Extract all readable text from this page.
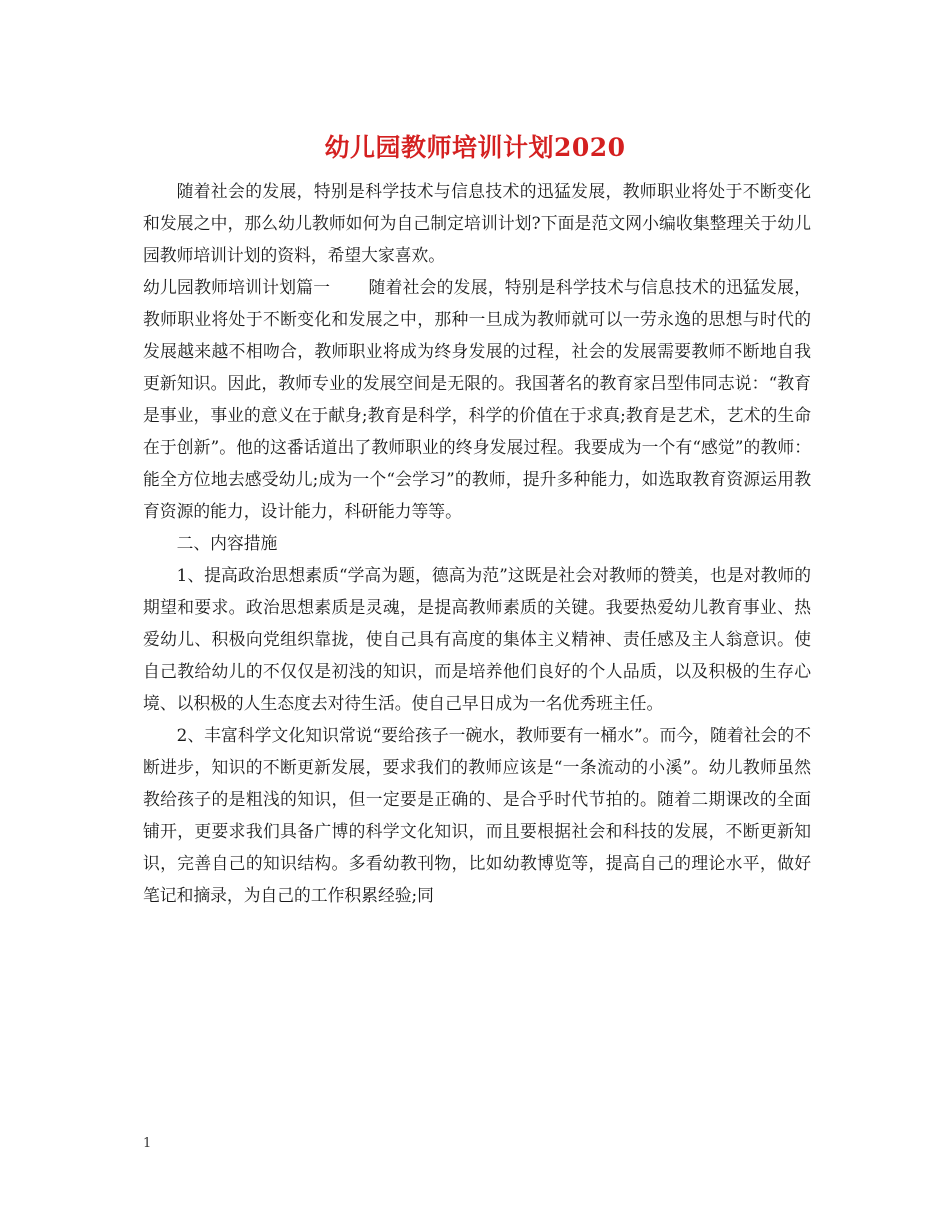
幼儿园教师培训计划2020

随着社会的发展，特别是科学技术与信息技术的迅猛发展，教师职业将处于不断变化和发展之中，那么幼儿教师如何为自己制定培训计划?下面是范文网小编收集整理关于幼儿园教师培训计划的资料，希望大家喜欢。

幼儿园教师培训计划篇一 随着社会的发展，特别是科学技术与信息技术的迅猛发展，教师职业将处于不断变化和发展之中，那种一旦成为教师就可以一劳永逸的思想与时代的发展越来越不相吻合，教师职业将成为终身发展的过程，社会的发展需要教师不断地自我更新知识。因此，教师专业的发展空间是无限的。我国著名的教育家吕型伟同志说：“教育是事业，事业的意义在于献身;教育是科学，科学的价值在于求真;教育是艺术，艺术的生命在于创新”。他的这番话道出了教师职业的终身发展过程。我要成为一个有“感觉”的教师：能全方位地去感受幼儿;成为一个“会学习”的教师，提升多种能力，如选取教育资源运用教育资源的能力，设计能力，科研能力等等。

二、内容措施

1、提高政治思想素质“学高为题，德高为范”这既是社会对教师的赞美，也是对教师的期望和要求。政治思想素质是灵魂，是提高教师素质的关键。我要热爱幼儿教育事业、热爱幼儿、积极向党组织靠拢，使自己具有高度的集体主义精神、责任感及主人翁意识。使自己教给幼儿的不仅仅是初浅的知识，而是培养他们良好的个人品质，以及积极的生存心境、以积极的人生态度去对待生活。使自己早日成为一名优秀班主任。

2、丰富科学文化知识常说“要给孩子一碗水，教师要有一桶水”。而今，随着社会的不断进步，知识的不断更新发展，要求我们的教师应该是“一条流动的小溪”。幼儿教师虽然教给孩子的是粗浅的知识，但一定要是正确的、是合乎时代节拍的。随着二期课改的全面铺开，更要求我们具备广博的科学文化知识，而且要根据社会和科技的发展，不断更新知识，完善自己的知识结构。多看幼教刊物，比如幼教博览等，提高自己的理论水平，做好笔记和摘录，为自己的工作积累经验;同

1
